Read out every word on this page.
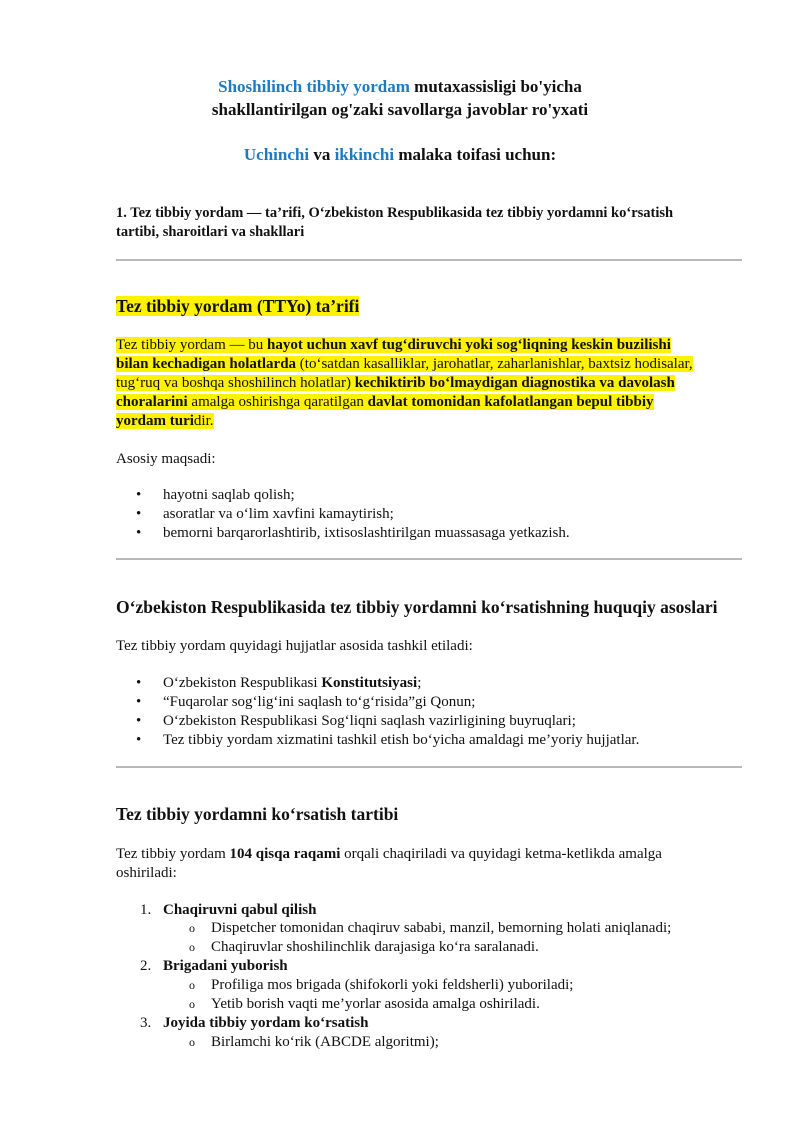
Shoshilinch tibbiy yordam mutaxassisligi bo'yicha
shakllantirilgan og'zaki savollarga javoblar ro'yxati
Uchinchi va ikkinchi malaka toifasi uchun:
1. Tez tibbiy yordam — ta’rifi, O‘zbekiston Respublikasida tez tibbiy yordamni ko‘rsatish
tartibi, sharoitlari va shakllari
Tez tibbiy yordam (TTYo) ta’rifi
Tez tibbiy yordam — bu hayot uchun xavf tug‘diruvchi yoki sog‘liqning keskin buzilishi
bilan kechadigan holatlarda (to‘satdan kasalliklar, jarohatlar, zaharlanishlar, baxtsiz hodisalar,
tug‘ruq va boshqa shoshilinch holatlar) kechiktirib bo‘lmaydigan diagnostika va davolash
choralarini amalga oshirishga qaratilgan davlat tomonidan kafolatlangan bepul tibbiy
yordam turidir.
Asosiy maqsadi:
• hayotni saqlab qolish;
• asoratlar va o‘lim xavfini kamaytirish;
• bemorni barqarorlashtirib, ixtisoslashtirilgan muassasaga yetkazish.
O‘zbekiston Respublikasida tez tibbiy yordamni ko‘rsatishning huquqiy asoslari
Tez tibbiy yordam quyidagi hujjatlar asosida tashkil etiladi:
• O‘zbekiston Respublikasi Konstitutsiyasi;
• “Fuqarolar sog‘lig‘ini saqlash to‘g‘risida”gi Qonun;
• O‘zbekiston Respublikasi Sog‘liqni saqlash vazirligining buyruqlari;
• Tez tibbiy yordam xizmatini tashkil etish bo‘yicha amaldagi me’yoriy hujjatlar.
Tez tibbiy yordamni ko‘rsatish tartibi
Tez tibbiy yordam 104 qisqa raqami orqali chaqiriladi va quyidagi ketma-ketlikda amalga
oshiriladi:
1. Chaqiruvni qabul qilish
o Dispetcher tomonidan chaqiruv sababi, manzil, bemorning holati aniqlanadi;
o Chaqiruvlar shoshilinchlik darajasiga ko‘ra saralanadi.
2. Brigadani yuborish
o Profiliga mos brigada (shifokorli yoki feldsherli) yuboriladi;
o Yetib borish vaqti me’yorlar asosida amalga oshiriladi.
3. Joyida tibbiy yordam ko‘rsatish
o Birlamchi ko‘rik (ABCDE algoritmi);
